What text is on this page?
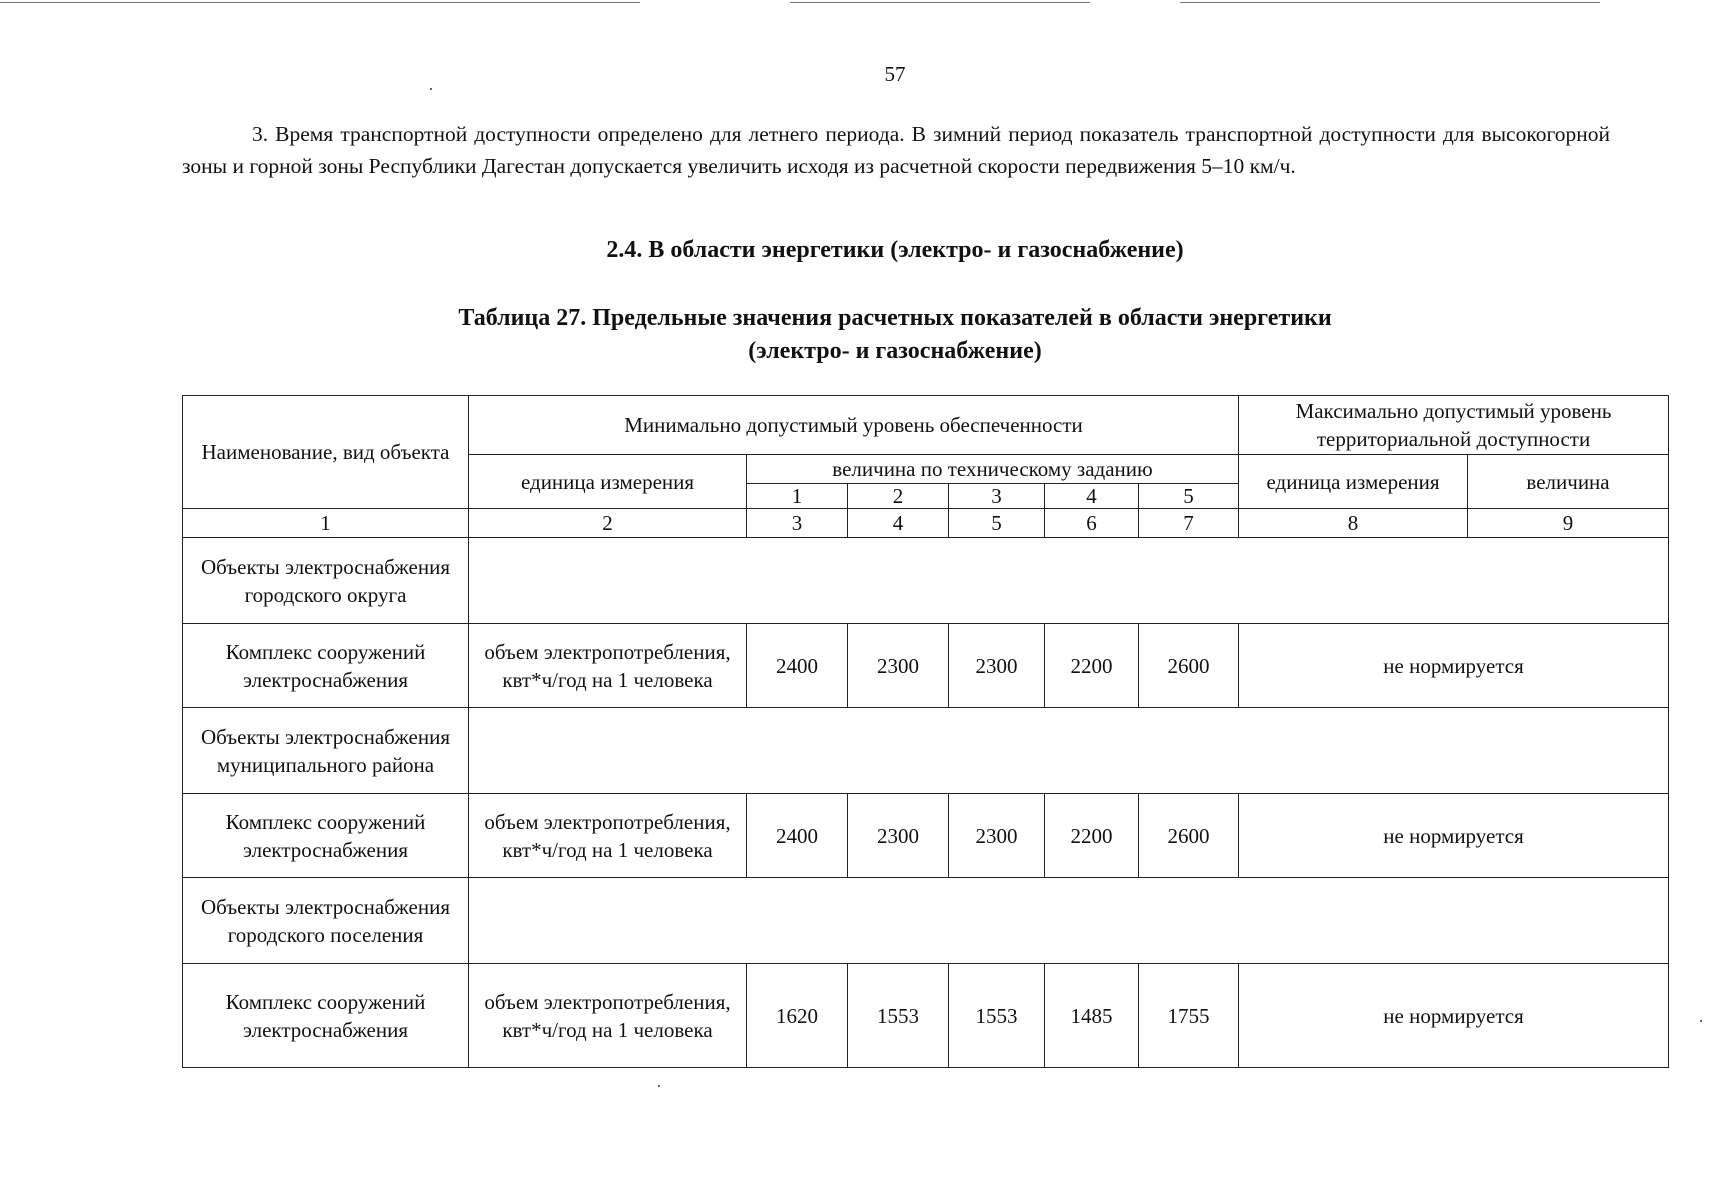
57

3. Время транспортной доступности определено для летнего периода. В зимний период показатель транспортной доступности для высокогорной зоны и горной зоны Республики Дагестан допускается увеличить исходя из расчетной скорости передвижения 5–10 км/ч.

2.4. В области энергетики (электро- и газоснабжение)
Таблица 27. Предельные значения расчетных показателей в области энергетики
(электро- и газоснабжение)
Наименование, вид объекта	Минимально допустимый уровень обеспеченности						Максимально допустимый уровень территориальной доступности	
	единица измерения	величина по техническому заданию					единица измерения	величина
		1	2	3	4	5		
1	2	3	4	5	6	7	8	9
Объекты электроснабжения городского округа								
Комплекс сооружений электроснабжения	объем электропотребления, квт*ч/год на 1 человека	2400	2300	2300	2200	2600	не нормируется	
Объекты электроснабжения муниципального района								
Комплекс сооружений электроснабжения	объем электропотребления, квт*ч/год на 1 человека	2400	2300	2300	2200	2600	не нормируется	
Объекты электроснабжения городского поселения								
Комплекс сооружений электроснабжения	объем электропотребления, квт*ч/год на 1 человека	1620	1553	1553	1485	1755	не нормируется	
